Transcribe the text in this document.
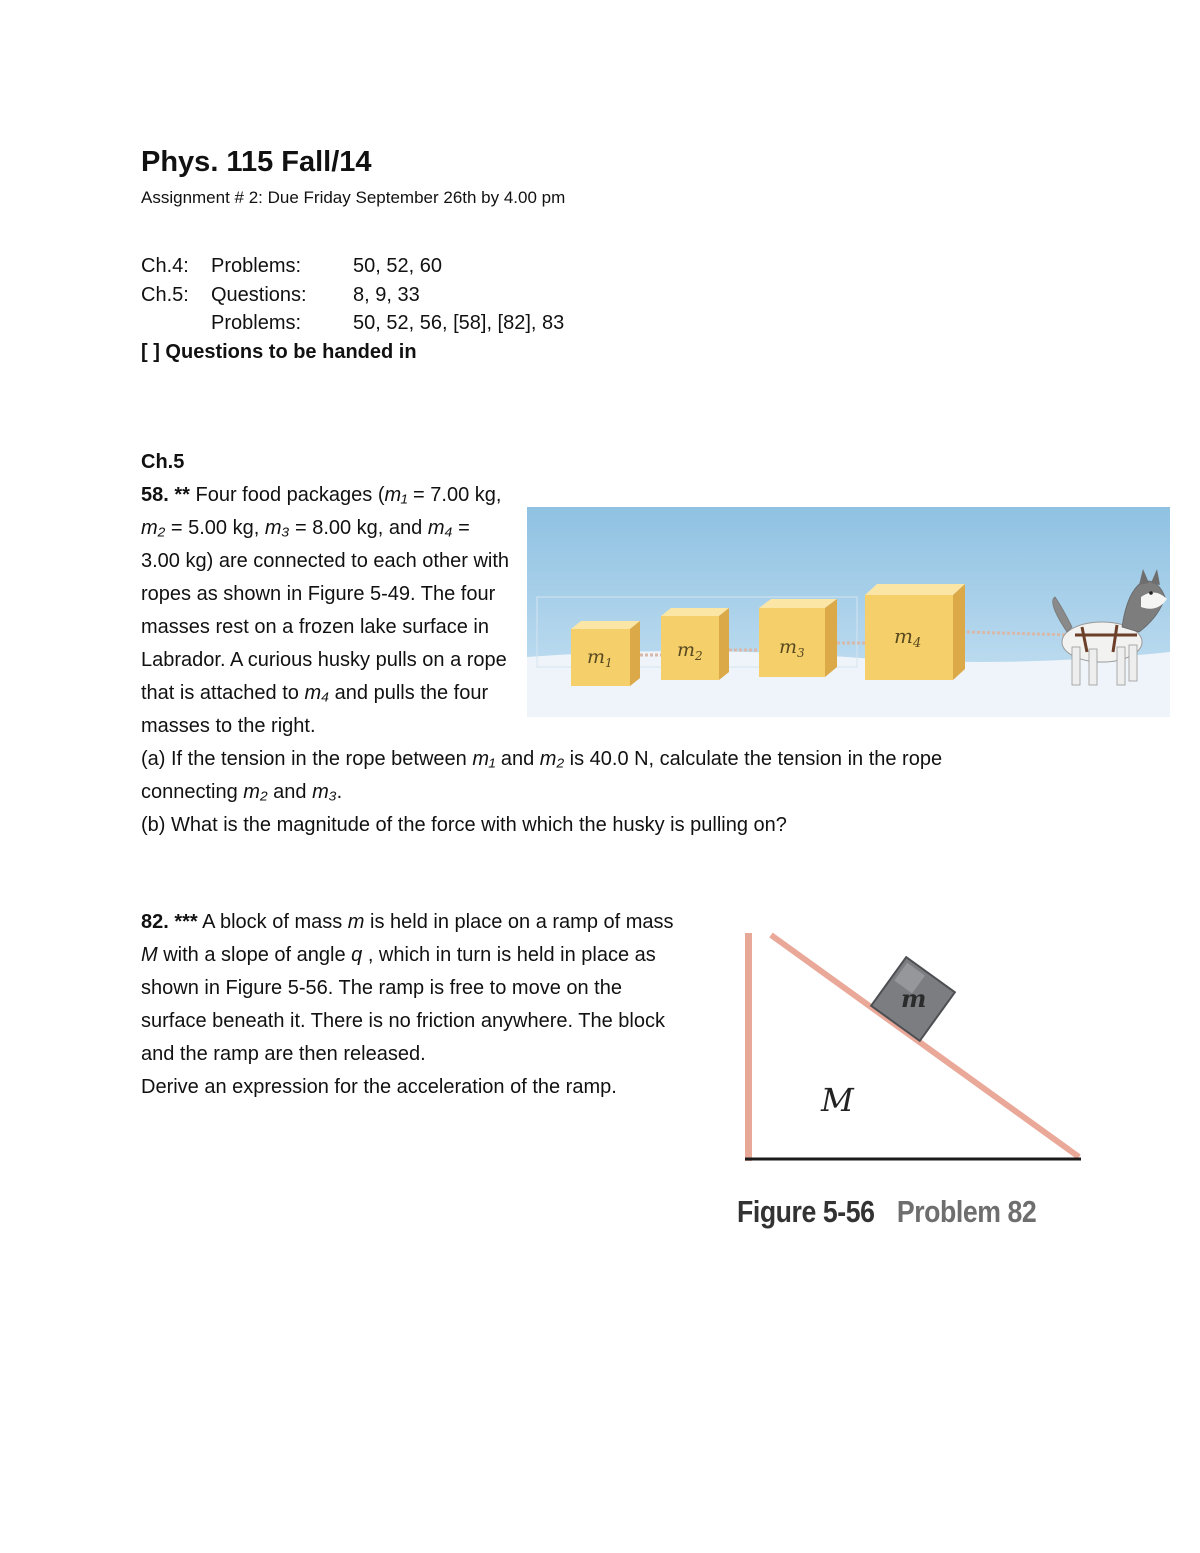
Phys. 115 Fall/14
Assignment # 2: Due Friday September 26th by 4.00 pm
Ch.4:	Problems:	50, 52, 60
Ch.5:	Questions:	8, 9, 33
Problems:	50, 52, 56, [58], [82], 83
[ ] Questions to be handed in
Ch.5
58. ** Four food packages (m₁ = 7.00 kg, m₂ = 5.00 kg, m₃ = 8.00 kg, and m₄ = 3.00 kg) are connected to each other with ropes as shown in Figure 5-49. The four masses rest on a frozen lake surface in Labrador. A curious husky pulls on a rope that is attached to m₄ and pulls the four masses to the right.
(a) If the tension in the rope between m₁ and m₂ is 40.0 N, calculate the tension in the rope connecting m₂ and m₃.
(b) What is the magnitude of the force with which the husky is pulling on?
$m_1$
$m_2$	$m_3$
$m_4$
82. *** A block of mass m is held in place on a ramp of mass M with a slope of angle q , which in turn is held in place as shown in Figure 5-56. The ramp is free to move on the surface beneath it. There is no friction anywhere. The block and the ramp are then released.
Derive an expression for the acceleration of the ramp.
m
M
Figure 5-56 Problem 82
